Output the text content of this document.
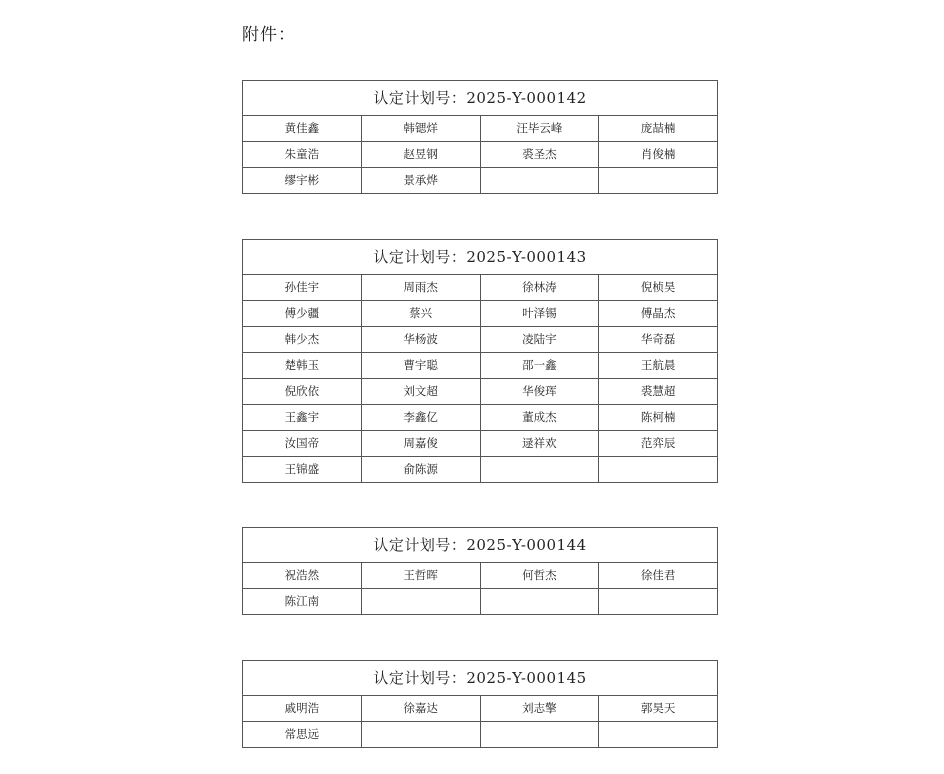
附件：
认定计划号：2025-Y-000142			
黄佳鑫	韩锶烊	汪毕云峰	庞喆楠
朱童浩	赵昱钢	裘圣杰	肖俊楠
缪宇彬	景承烨		
认定计划号：2025-Y-000143			
孙佳宇	周雨杰	徐林涛	倪桢昊
傅少疆	蔡兴	叶泽锡	傅晶杰
韩少杰	华杨波	凌陆宇	华奇磊
楚韩玉	曹宇聪	邵一鑫	王航晨
倪欣依	刘文超	华俊珲	裘慧超
王鑫宇	李鑫亿	董成杰	陈柯楠
汝国帝	周嘉俊	逯祥欢	范弈辰
王锦盛	俞陈源		
认定计划号：2025-Y-000144			
祝浩然	王哲晖	何哲杰	徐佳君
陈江南			
认定计划号：2025-Y-000145			
戚明浩	徐嘉达	刘志擎	郭昊天
常思远			
